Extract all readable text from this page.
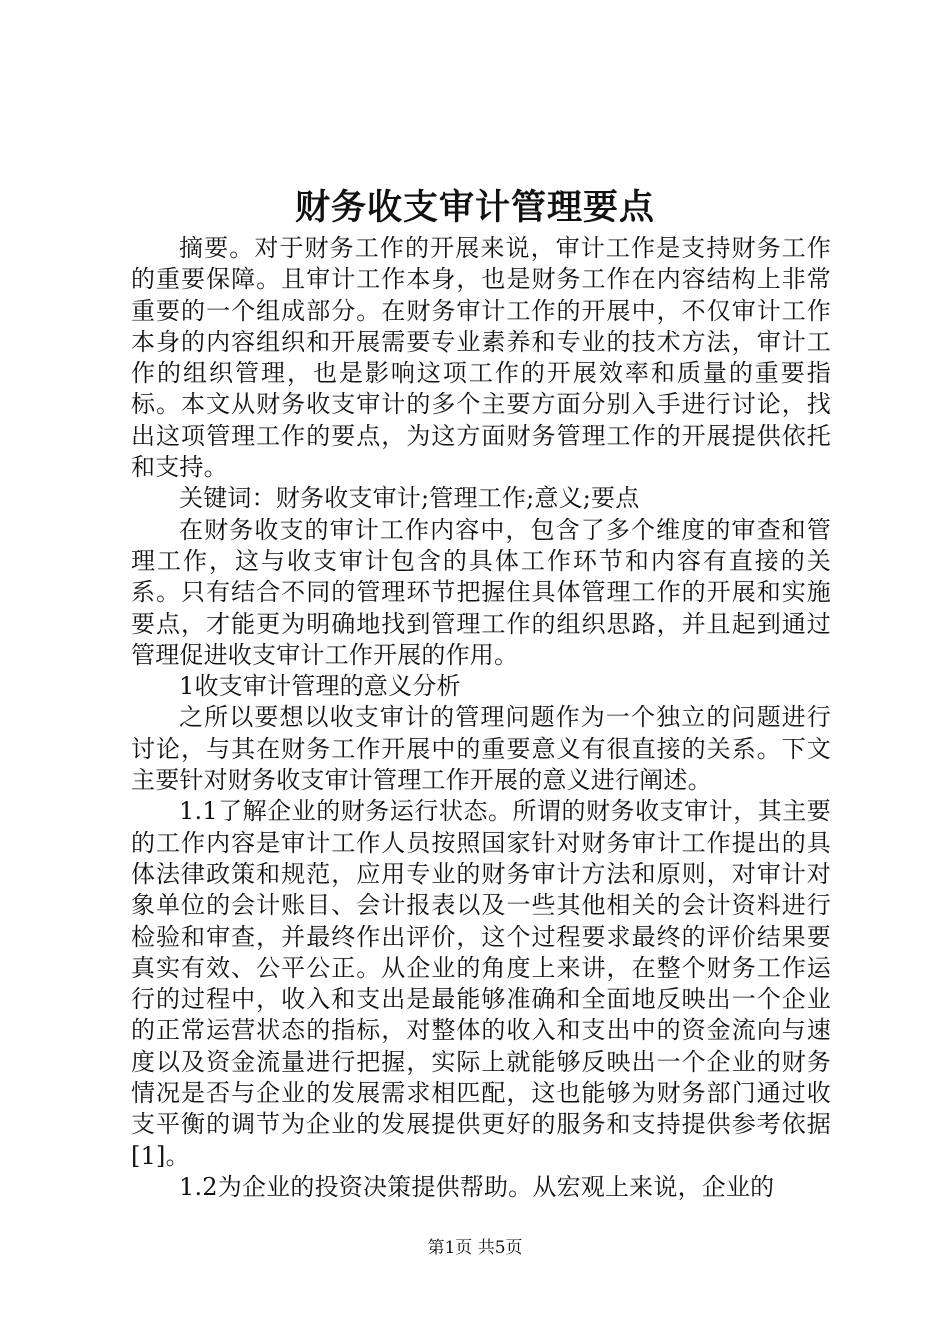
财务收支审计管理要点

摘要。对于财务工作的开展来说，审计工作是支持财务工作的重要保障。且审计工作本身，也是财务工作在内容结构上非常重要的一个组成部分。在财务审计工作的开展中，不仅审计工作本身的内容组织和开展需要专业素养和专业的技术方法，审计工作的组织管理，也是影响这项工作的开展效率和质量的重要指标。本文从财务收支审计的多个主要方面分别入手进行讨论，找出这项管理工作的要点，为这方面财务管理工作的开展提供依托和支持。

关键词：财务收支审计;管理工作;意义;要点

在财务收支的审计工作内容中，包含了多个维度的审查和管理工作，这与收支审计包含的具体工作环节和内容有直接的关系。只有结合不同的管理环节把握住具体管理工作的开展和实施要点，才能更为明确地找到管理工作的组织思路，并且起到通过管理促进收支审计工作开展的作用。

1收支审计管理的意义分析

之所以要想以收支审计的管理问题作为一个独立的问题进行讨论，与其在财务工作开展中的重要意义有很直接的关系。下文主要针对财务收支审计管理工作开展的意义进行阐述。

1.1了解企业的财务运行状态。所谓的财务收支审计，其主要的工作内容是审计工作人员按照国家针对财务审计工作提出的具体法律政策和规范，应用专业的财务审计方法和原则，对审计对象单位的会计账目、会计报表以及一些其他相关的会计资料进行检验和审查，并最终作出评价，这个过程要求最终的评价结果要真实有效、公平公正。从企业的角度上来讲，在整个财务工作运行的过程中，收入和支出是最能够准确和全面地反映出一个企业的正常运营状态的指标，对整体的收入和支出中的资金流向与速度以及资金流量进行把握，实际上就能够反映出一个企业的财务情况是否与企业的发展需求相匹配，这也能够为财务部门通过收支平衡的调节为企业的发展提供更好的服务和支持提供参考依据[1]。

1.2为企业的投资决策提供帮助。从宏观上来说，企业的

第1页 共5页
